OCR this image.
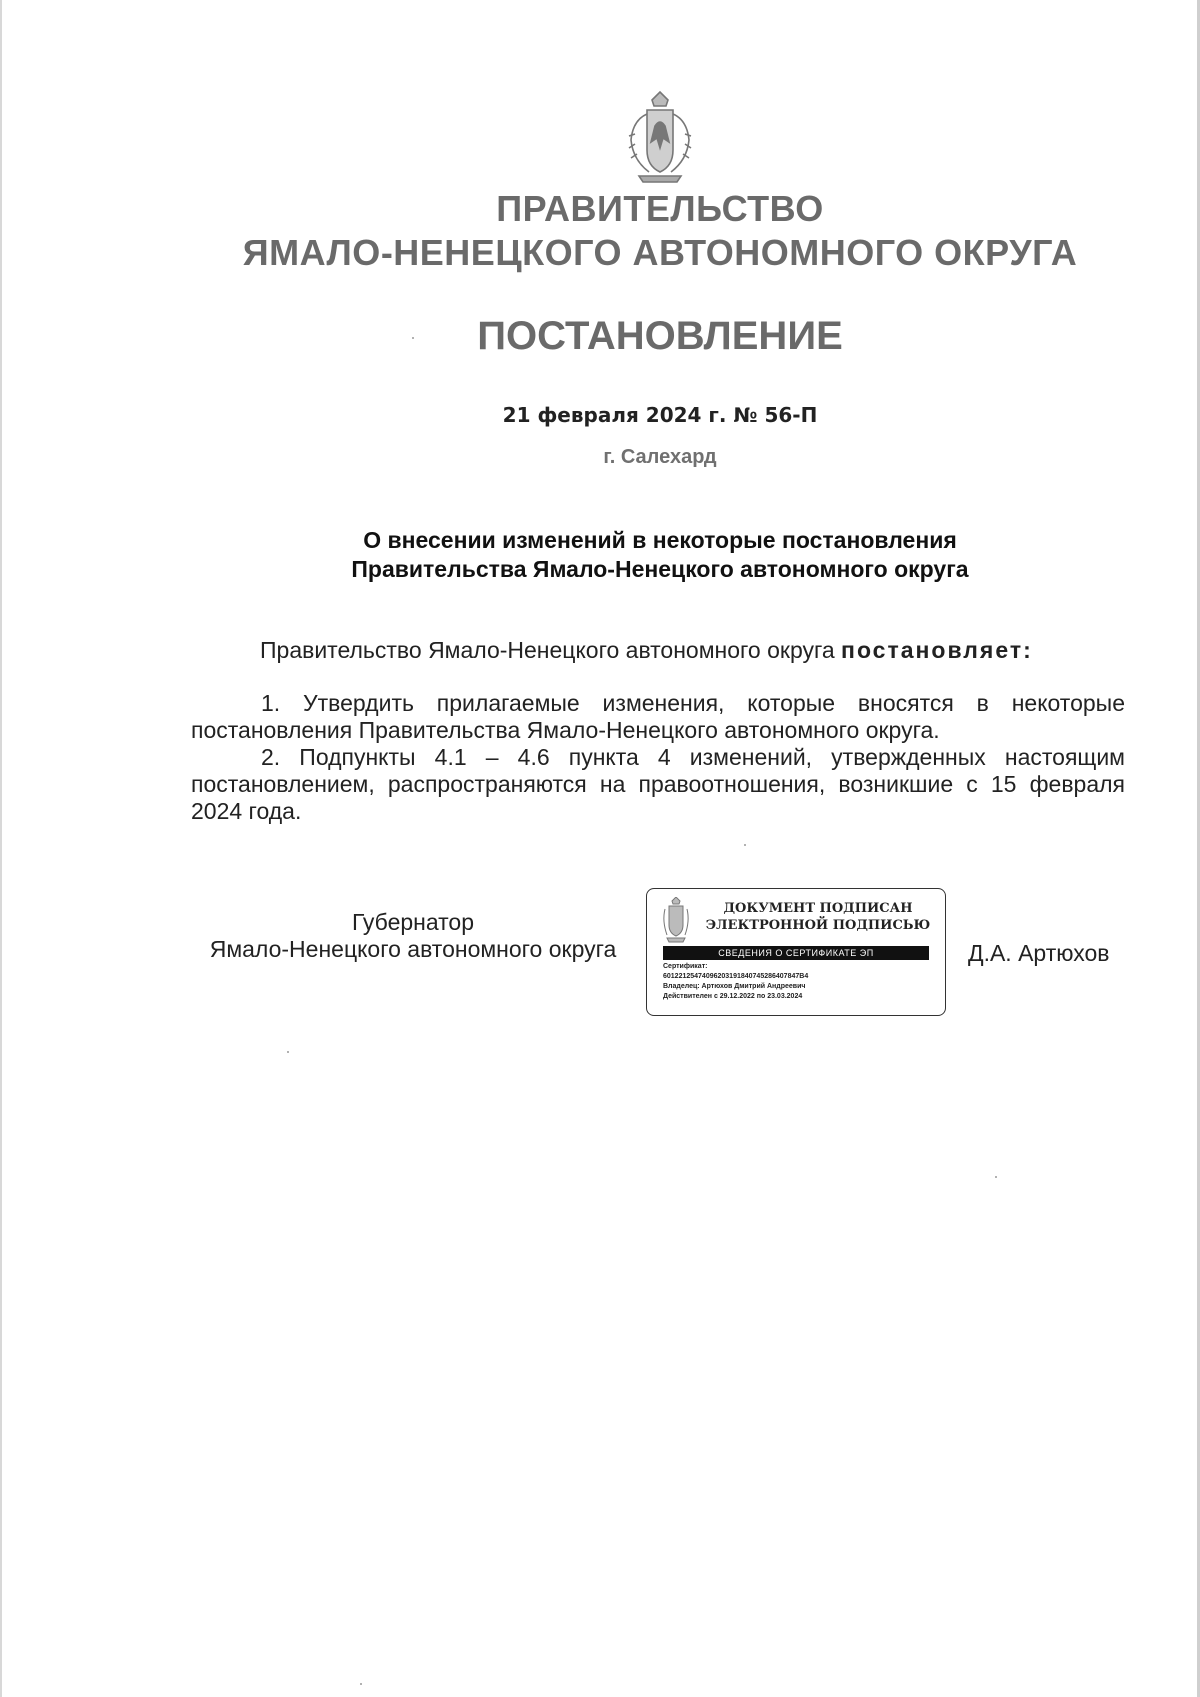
ПРАВИТЕЛЬСТВО
ЯМАЛО-НЕНЕЦКОГО АВТОНОМНОГО ОКРУГА
ПОСТАНОВЛЕНИЕ
21 февраля 2024 г. № 56-П
г. Салехард
О внесении изменений в некоторые постановления
Правительства Ямало-Ненецкого автономного округа
Правительство Ямало-Ненецкого автономного округа постановляет:

1. Утвердить прилагаемые изменения, которые вносятся в некоторые постановления Правительства Ямало-Ненецкого автономного округа.

2. Подпункты 4.1 – 4.6 пункта 4 изменений, утвержденных настоящим постановлением, распространяются на правоотношения, возникшие с 15 февраля 2024 года.

Губернатор
Ямало-Ненецкого автономного округа
ДОКУМЕНТ ПОДПИСАН
ЭЛЕКТРОННОЙ ПОДПИСЬЮ
СВЕДЕНИЯ О СЕРТИФИКАТЕ ЭП
Сертификат:
60122125474096203191840745286407847B4
Владелец: Артюхов Дмитрий Андреевич
Действителен с 29.12.2022 по 23.03.2024
Д.А. Артюхов
